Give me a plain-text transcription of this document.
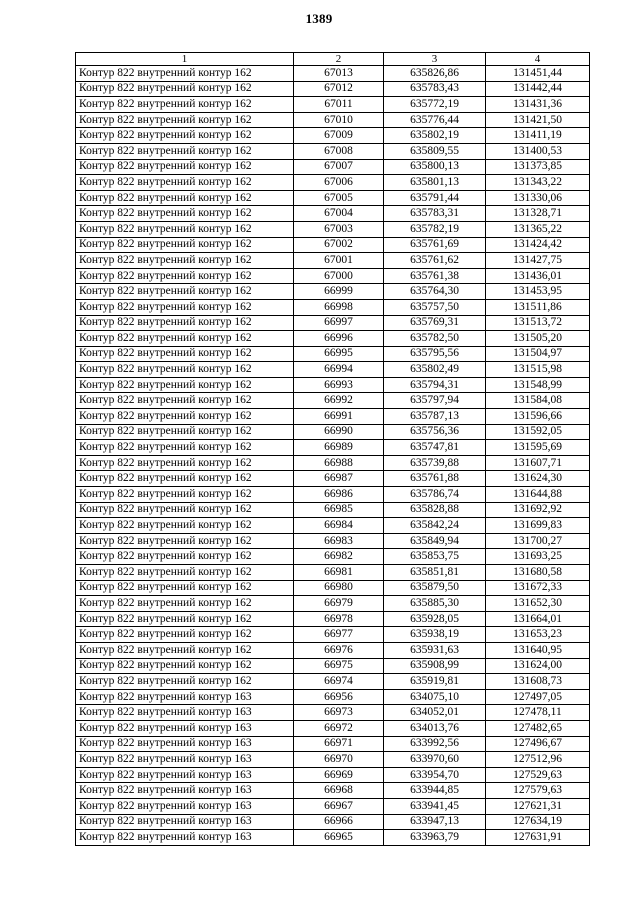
1389
1	2	3	4
Контур 822 внутренний контур 162	67013	635826,86	131451,44
Контур 822 внутренний контур 162	67012	635783,43	131442,44
Контур 822 внутренний контур 162	67011	635772,19	131431,36
Контур 822 внутренний контур 162	67010	635776,44	131421,50
Контур 822 внутренний контур 162	67009	635802,19	131411,19
Контур 822 внутренний контур 162	67008	635809,55	131400,53
Контур 822 внутренний контур 162	67007	635800,13	131373,85
Контур 822 внутренний контур 162	67006	635801,13	131343,22
Контур 822 внутренний контур 162	67005	635791,44	131330,06
Контур 822 внутренний контур 162	67004	635783,31	131328,71
Контур 822 внутренний контур 162	67003	635782,19	131365,22
Контур 822 внутренний контур 162	67002	635761,69	131424,42
Контур 822 внутренний контур 162	67001	635761,62	131427,75
Контур 822 внутренний контур 162	67000	635761,38	131436,01
Контур 822 внутренний контур 162	66999	635764,30	131453,95
Контур 822 внутренний контур 162	66998	635757,50	131511,86
Контур 822 внутренний контур 162	66997	635769,31	131513,72
Контур 822 внутренний контур 162	66996	635782,50	131505,20
Контур 822 внутренний контур 162	66995	635795,56	131504,97
Контур 822 внутренний контур 162	66994	635802,49	131515,98
Контур 822 внутренний контур 162	66993	635794,31	131548,99
Контур 822 внутренний контур 162	66992	635797,94	131584,08
Контур 822 внутренний контур 162	66991	635787,13	131596,66
Контур 822 внутренний контур 162	66990	635756,36	131592,05
Контур 822 внутренний контур 162	66989	635747,81	131595,69
Контур 822 внутренний контур 162	66988	635739,88	131607,71
Контур 822 внутренний контур 162	66987	635761,88	131624,30
Контур 822 внутренний контур 162	66986	635786,74	131644,88
Контур 822 внутренний контур 162	66985	635828,88	131692,92
Контур 822 внутренний контур 162	66984	635842,24	131699,83
Контур 822 внутренний контур 162	66983	635849,94	131700,27
Контур 822 внутренний контур 162	66982	635853,75	131693,25
Контур 822 внутренний контур 162	66981	635851,81	131680,58
Контур 822 внутренний контур 162	66980	635879,50	131672,33
Контур 822 внутренний контур 162	66979	635885,30	131652,30
Контур 822 внутренний контур 162	66978	635928,05	131664,01
Контур 822 внутренний контур 162	66977	635938,19	131653,23
Контур 822 внутренний контур 162	66976	635931,63	131640,95
Контур 822 внутренний контур 162	66975	635908,99	131624,00
Контур 822 внутренний контур 162	66974	635919,81	131608,73
Контур 822 внутренний контур 163	66956	634075,10	127497,05
Контур 822 внутренний контур 163	66973	634052,01	127478,11
Контур 822 внутренний контур 163	66972	634013,76	127482,65
Контур 822 внутренний контур 163	66971	633992,56	127496,67
Контур 822 внутренний контур 163	66970	633970,60	127512,96
Контур 822 внутренний контур 163	66969	633954,70	127529,63
Контур 822 внутренний контур 163	66968	633944,85	127579,63
Контур 822 внутренний контур 163	66967	633941,45	127621,31
Контур 822 внутренний контур 163	66966	633947,13	127634,19
Контур 822 внутренний контур 163	66965	633963,79	127631,91
